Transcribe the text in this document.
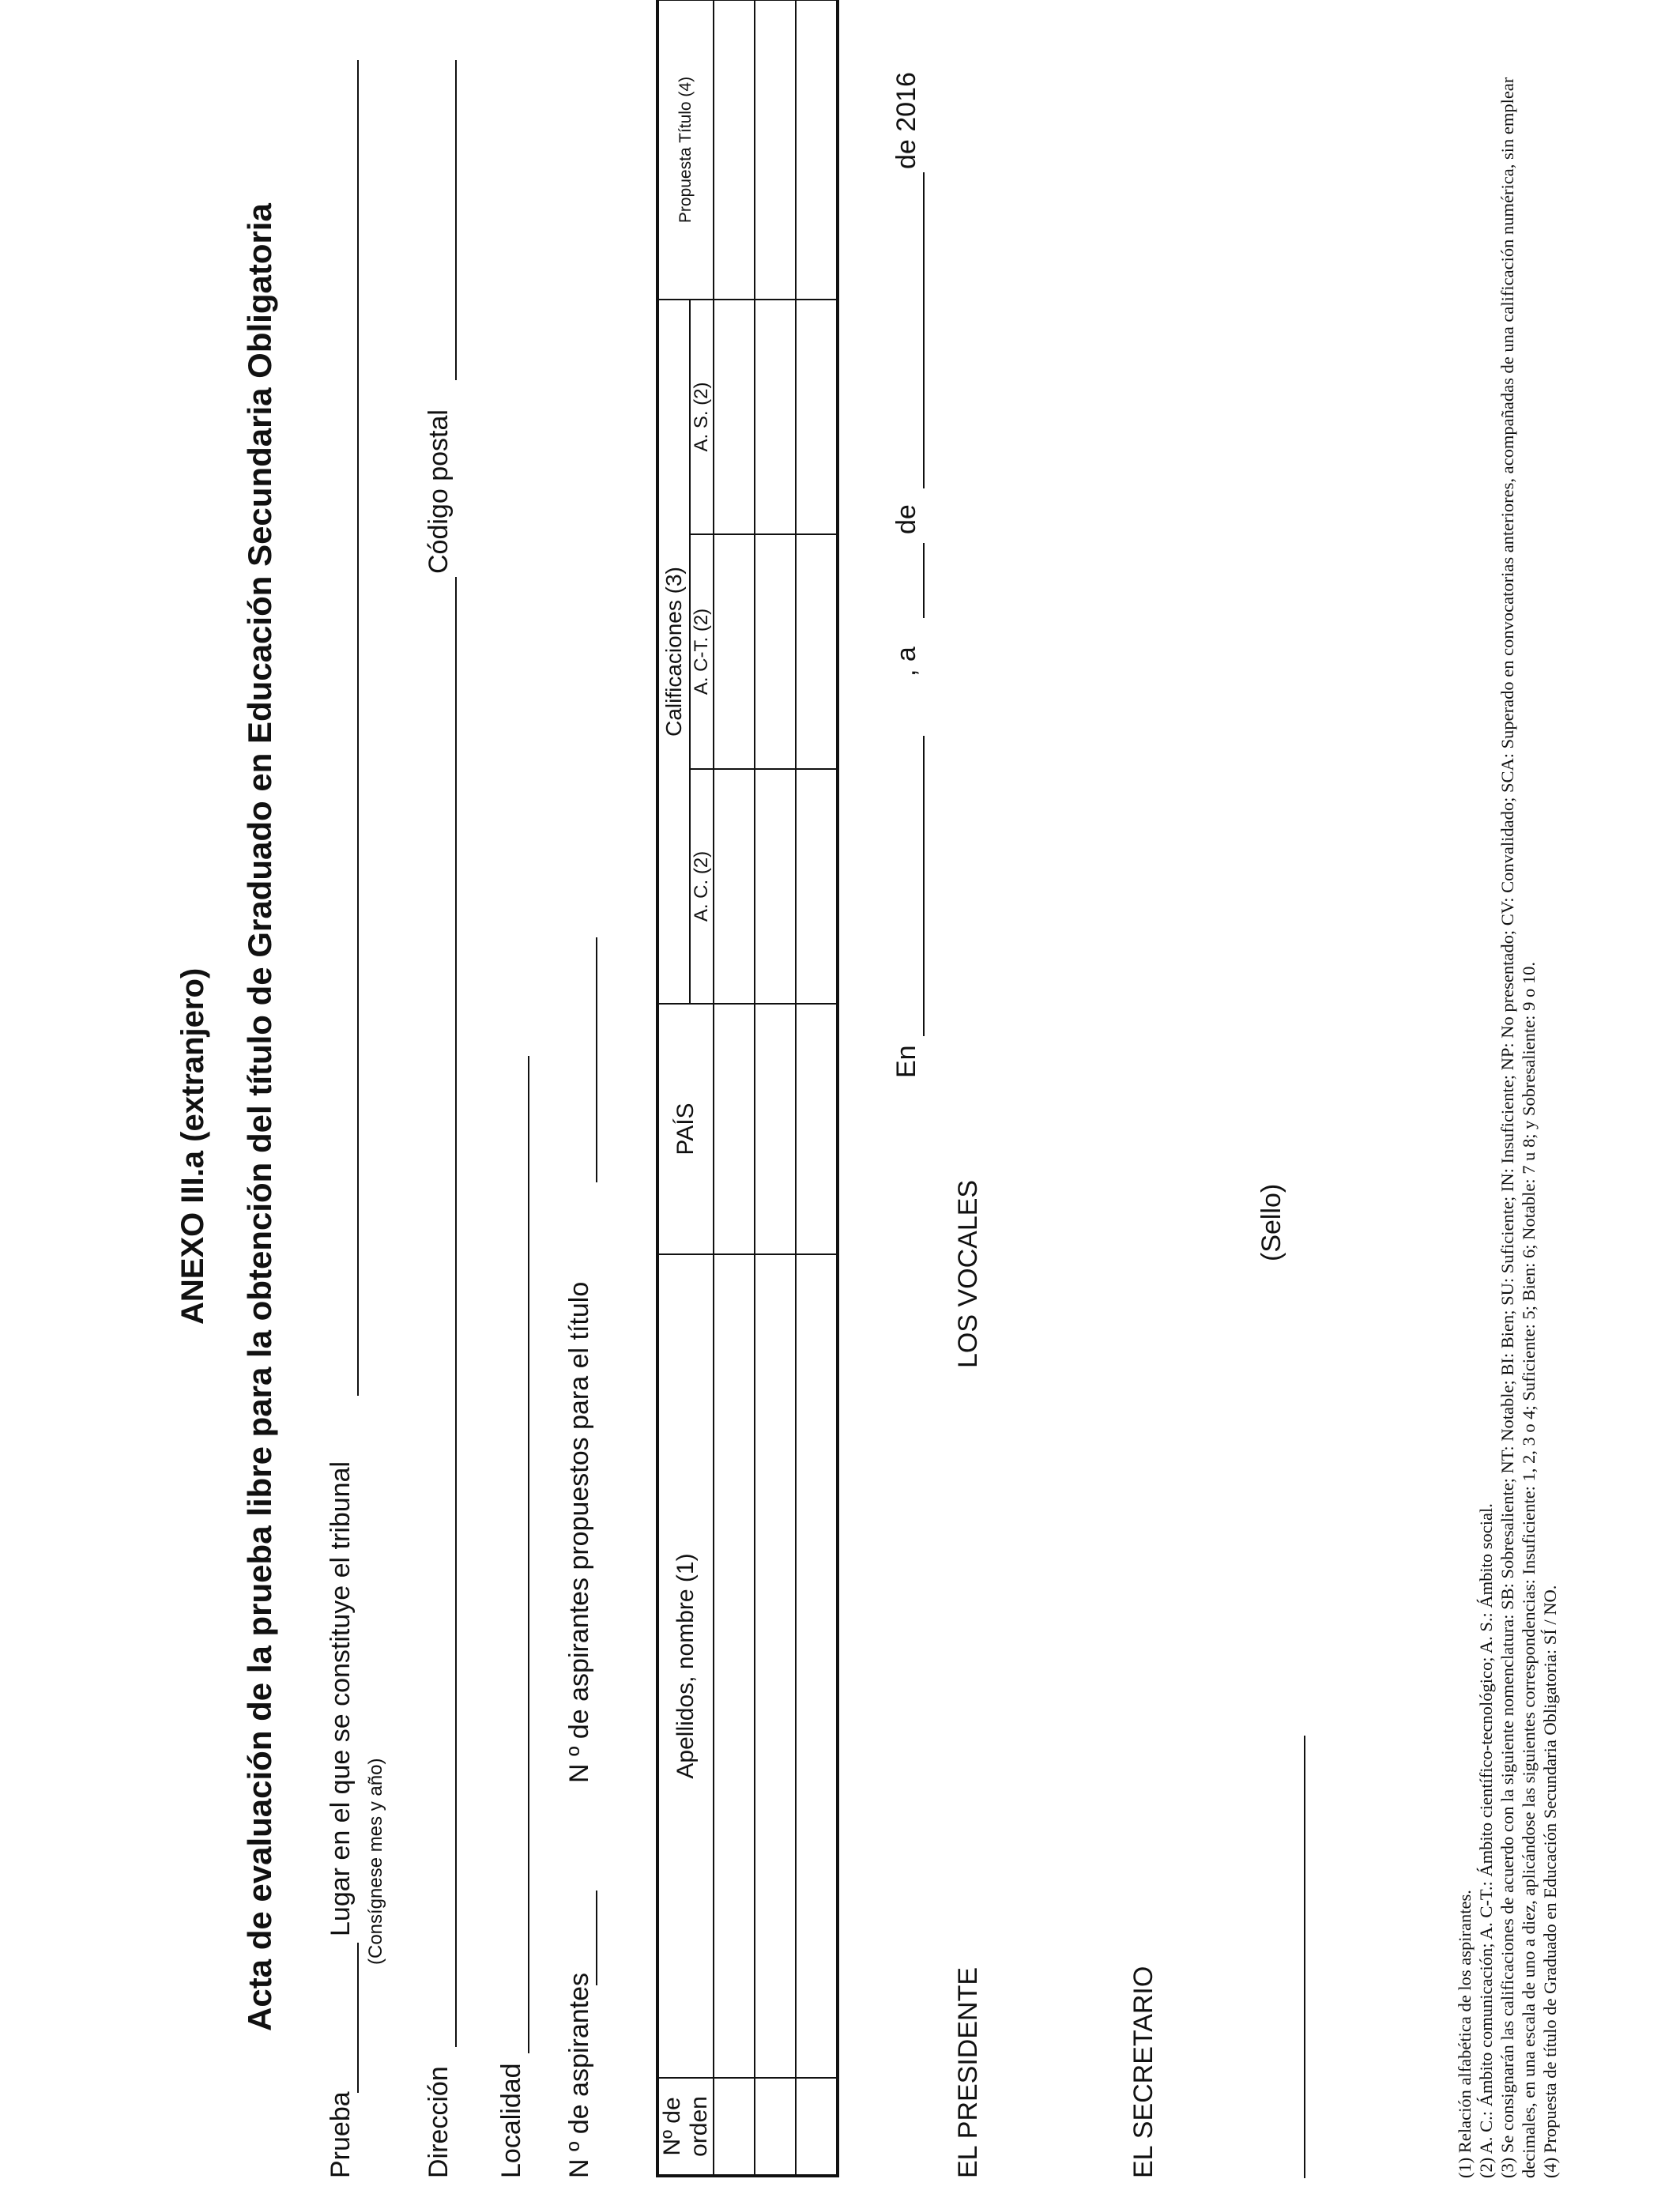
ANEXO III.a (extranjero) Acta de evaluación de la prueba libre para la obtención del título de Graduado en Educación Secundaria Obligatoria
Prueba
Lugar en el que se constituye el tribunal (Consígnese mes y año)
Dirección
Código postal
Localidad N º de aspirantes
N º de aspirantes propuestos para el título
Nº de orden	Apellidos, nombre (1)	PAÍS	Calificaciones (3)			Propuesta Título (4)
			A. C. (2)	A. C-T. (2)	A. S. (2)	

En
, a
de
de 2016
EL PRESIDENTE
LOS VOCALES	(Sello)
EL SECRETARIO	(1) Relación alfabética de los aspirantes. (2) A. C.: Ámbito comunicación; A. C-T.: Ámbito científico-tecnológico; A. S.: Ámbito social. (3) Se consignarán las calificaciones de acuerdo con la siguiente nomenclatura: SB: Sobresaliente; NT: Notable; BI: Bien; SU: Suficiente; IN: Insuficiente; NP: No presentado; CV: Convalidado; SCA: Superado en convocatorias anteriores, acompañadas de una calificación numérica, sin emplear decimales, en una escala de uno a diez, aplicándose las siguientes correspondencias: Insuficiente: 1, 2, 3 o 4; Suficiente: 5; Bien: 6; Notable: 7 u 8; y Sobresaliente: 9 o 10. (4) Propuesta de título de Graduado en Educación Secundaria Obligatoria: SÍ / NO.
